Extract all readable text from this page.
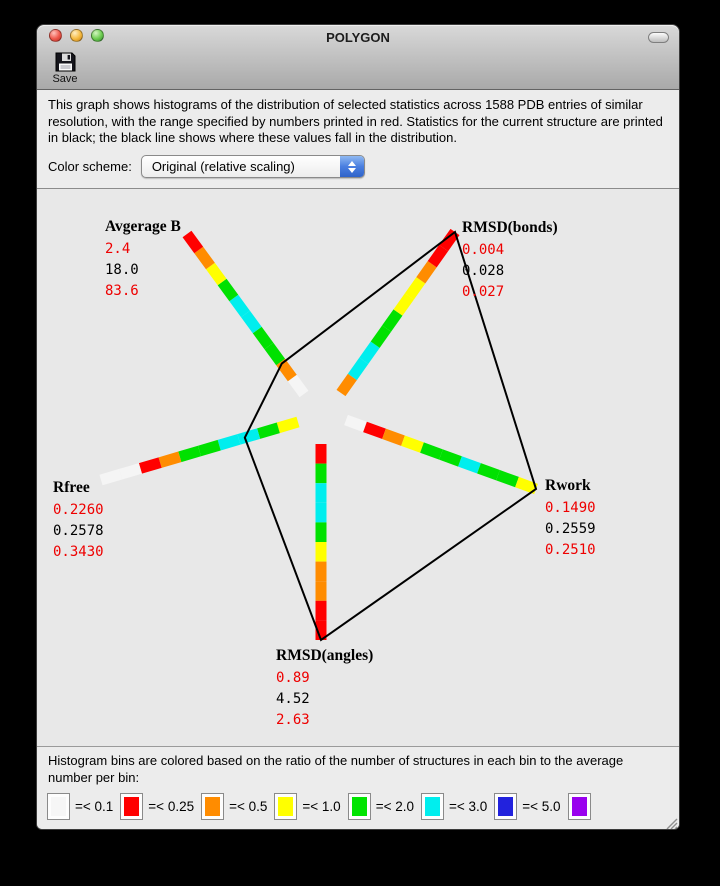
POLYGON
Save
This graph shows histograms of the distribution of selected statistics across 1588 PDB entries of similar resolution, with the range specified by numbers printed in red. Statistics for the current structure are printed in black; the black line shows where these values fall in the distribution.
Color scheme: Original (relative scaling)
Avgerage B
2.4
18.0
83.6
RMSD(bonds)
0.004
0.028
0.027
Rwork
0.1490
0.2559
0.2510
RMSD(angles)
0.89
4.52
2.63
Rfree
0.2260
0.2578
0.3430
Histogram bins are colored based on the ratio of the number of structures in each bin to the average number per bin:
=< 0.1	=< 0.25	=< 0.5	=< 1.0	=< 2.0	=< 3.0	=< 5.0
